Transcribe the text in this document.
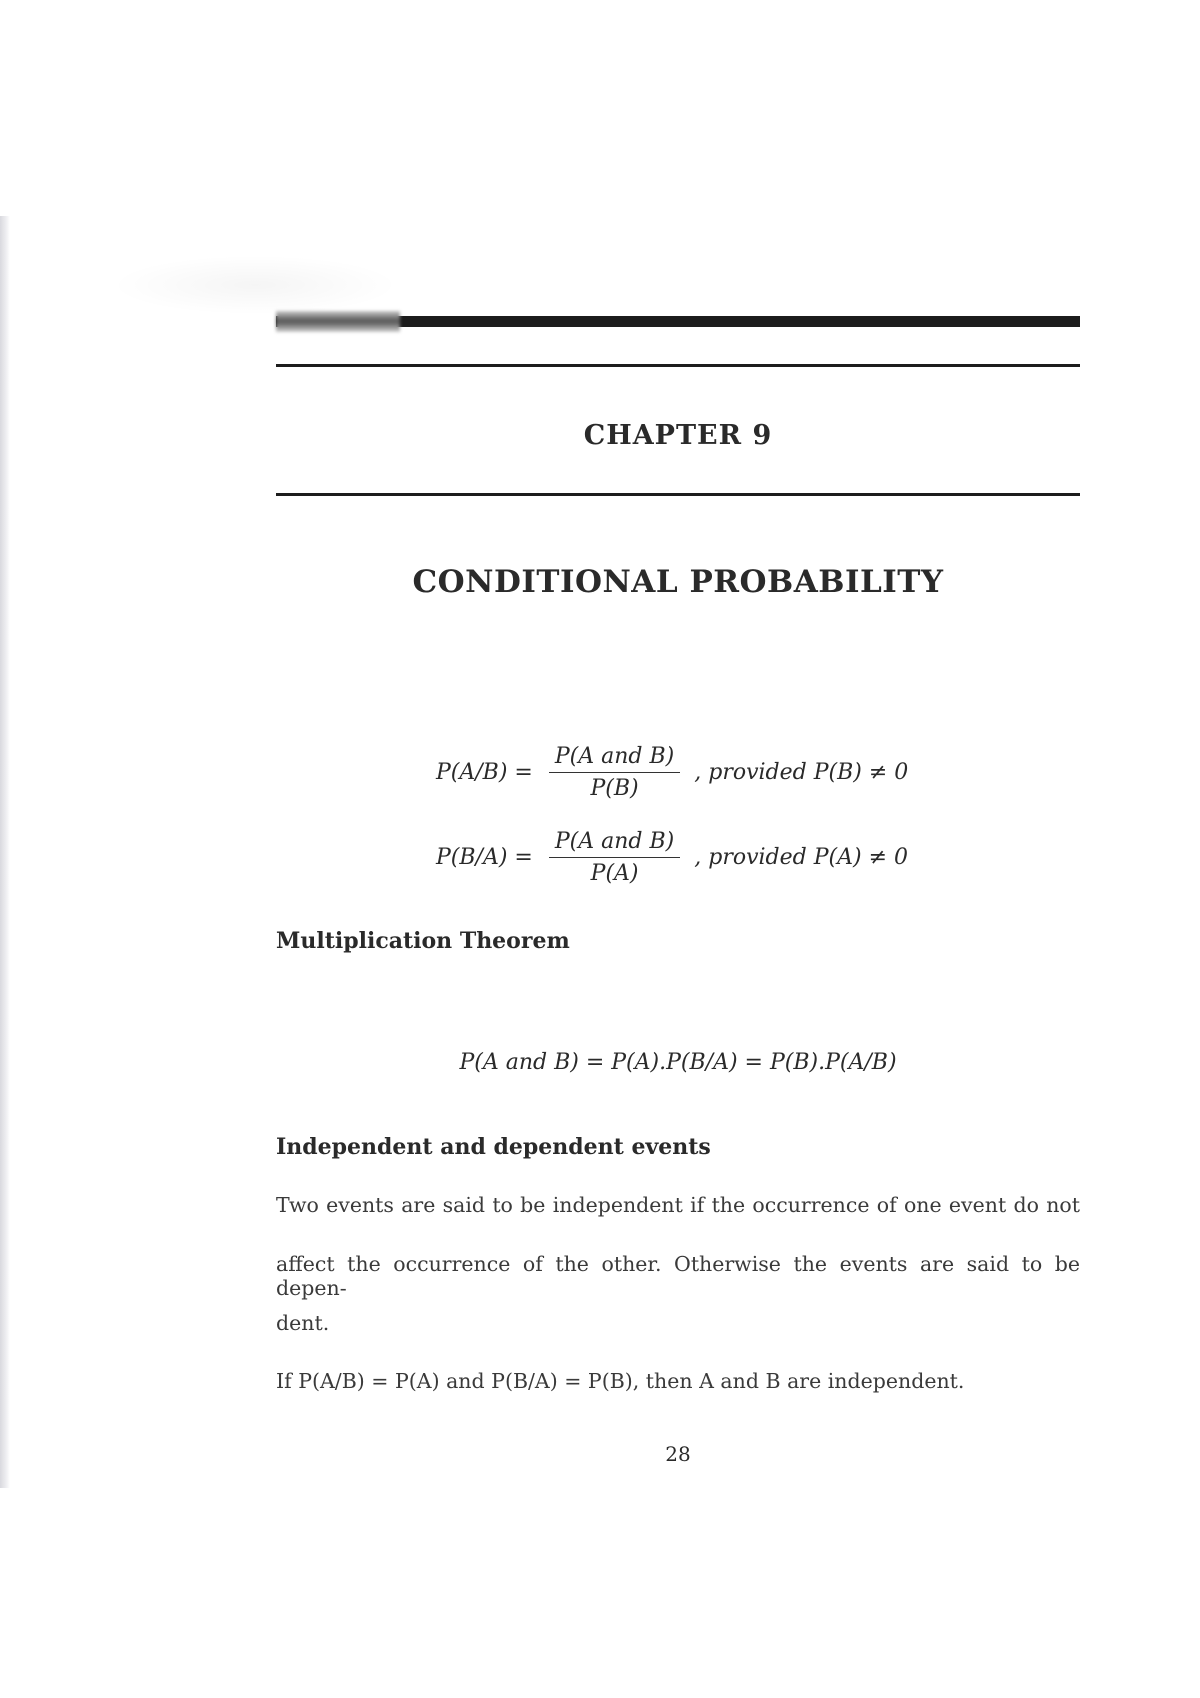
CHAPTER 9
CONDITIONAL PROBABILITY
$P(A/B) = \frac{\text{P(A and B)}}{P(B)}$ , provided P(B) ≠ 0
$P(B/A) = \frac{\text{P(A and B)}}{P(A)}$ , provided P(A) ≠ 0
Multiplication Theorem
P(A and B) = P(A).P(B/A) = P(B).P(A/B)
Independent and dependent events
Two events are said to be independent if the occurrence of one event do not
affect the occurrence of the other. Otherwise the events are said to be depen-
dent.
If P(A/B) = P(A) and P(B/A) = P(B), then A and B are independent.
28
